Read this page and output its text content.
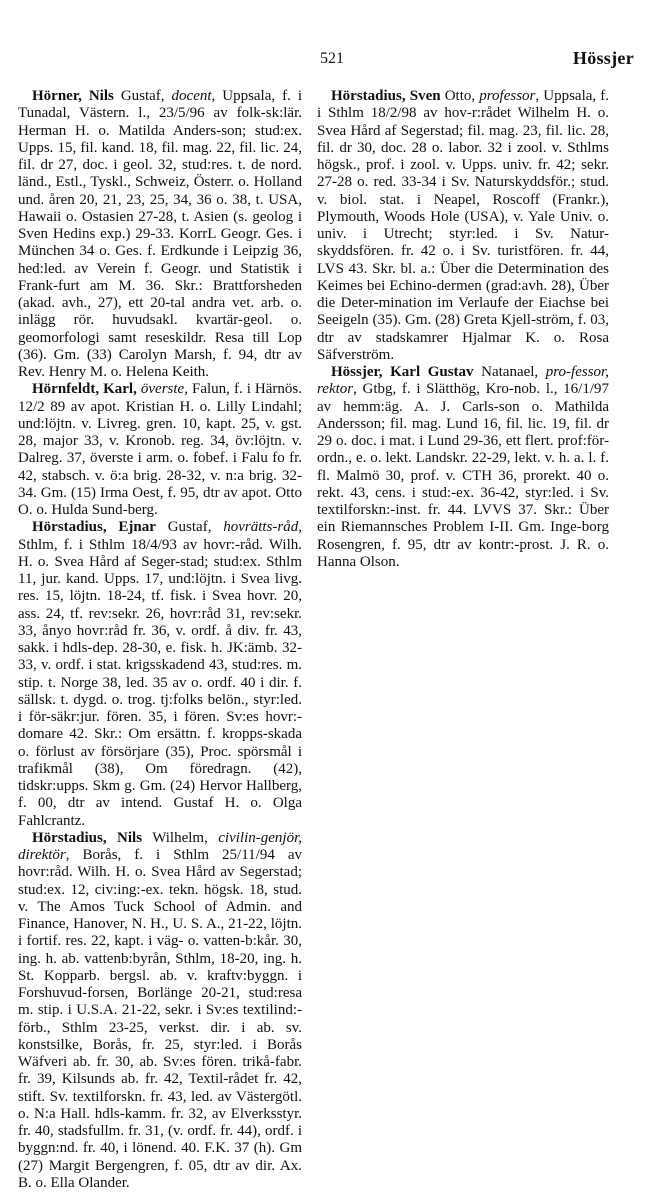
521	Hössjer

Hörner, Nils Gustaf, docent, Uppsala, f. i Tunadal, Västern. l., 23/5/96 av folk-sk:lär. Herman H. o. Matilda Anders-son; stud:ex. Upps. 15, fil. kand. 18, fil. mag. 22, fil. lic. 24, fil. dr 27, doc. i geol. 32, stud:res. t. de nord. länd., Estl., Tyskl., Schweiz, Österr. o. Holland und. åren 20, 21, 23, 25, 34, 36 o. 38, t. USA, Hawaii o. Ostasien 27-28, t. Asien (s. geolog i Sven Hedins exp.) 29-33. KorrL Geogr. Ges. i München 34 o. Ges. f. Erdkunde i Leipzig 36, hed:led. av Verein f. Geogr. und Statistik i Frank-furt am M. 36. Skr.: Brattforsheden (akad. avh., 27), ett 20-tal andra vet. arb. o. inlägg rör. huvudsakl. kvartär-geol. o. geomorfologi samt reseskildr. Resa till Lop (36). Gm. (33) Carolyn Marsh, f. 94, dtr av Rev. Henry M. o. Helena Keith.

Hörnfeldt, Karl, överste, Falun, f. i Härnös. 12/2 89 av apot. Kristian H. o. Lilly Lindahl; und:löjtn. v. Livreg. gren. 10, kapt. 25, v. gst. 28, major 33, v. Kronob. reg. 34, öv:löjtn. v. Dalreg. 37, överste i arm. o. fobef. i Falu fo fr. 42, stabsch. v. ö:a brig. 28-32, v. n:a brig. 32-34. Gm. (15) Irma Oest, f. 95, dtr av apot. Otto O. o. Hulda Sund-berg.

Hörstadius, Ejnar Gustaf, hovrätts-råd, Sthlm, f. i Sthlm 18/4/93 av hovr:-råd. Wilh. H. o. Svea Hård af Seger-stad; stud:ex. Sthlm 11, jur. kand. Upps. 17, und:löjtn. i Svea livg. res. 15, löjtn. 18-24, tf. fisk. i Svea hovr. 20, ass. 24, tf. rev:sekr. 26, hovr:råd 31, rev:sekr. 33, ånyo hovr:råd fr. 36, v. ordf. å div. fr. 43, sakk. i hdls-dep. 28-30, e. fisk. h. JK:ämb. 32-33, v. ordf. i stat. krigsskadend 43, stud:res. m. stip. t. Norge 38, led. 35 av o. ordf. 40 i dir. f. sällsk. t. dygd. o. trog. tj:folks belön., styr:led. i för-säkr:jur. fören. 35, i fören. Sv:es hovr:-domare 42. Skr.: Om ersättn. f. kropps-skada o. förlust av försörjare (35), Proc. spörsmål i trafikmål (38), Om föredragn. (42), tidskr:upps. Skm g. Gm. (24) Hervor Hallberg, f. 00, dtr av intend. Gustaf H. o. Olga Fahlcrantz.

Hörstadius, Nils Wilhelm, civilin-genjör, direktör, Borås, f. i Sthlm 25/11/94 av hovr:råd. Wilh. H. o. Svea Hård av Segerstad; stud:ex. 12, civ:ing:-ex. tekn. högsk. 18, stud. v. The Amos Tuck School of Admin. and Finance, Hanover, N. H., U. S. A., 21-22, löjtn. i fortif. res. 22, kapt. i väg- o. vatten-b:kår. 30, ing. h. ab. vattenb:byrån, Sthlm, 18-20, ing. h. St. Kopparb. bergsl. ab. v. kraftv:byggn. i Forshuvud-forsen, Borlänge 20-21, stud:resa m. stip. i U.S.A. 21-22, sekr. i Sv:es textilind:-förb., Sthlm 23-25, verkst. dir. i ab. sv. konstsilke, Borås, fr. 25, styr:led. i Borås Wäfveri ab. fr. 30, ab. Sv:es fören. trikå-fabr. fr. 39, Kilsunds ab. fr. 42, Textil-rådet fr. 42, stift. Sv. textilforskn. fr. 43, led. av Västergötl. o. N:a Hall. hdls-kamm. fr. 32, av Elverksstyr. fr. 40, stadsfullm. fr. 31, (v. ordf. fr. 44), ordf. i byggn:nd. fr. 40, i lönend. 40. F.K. 37 (h). Gm (27) Margit Bergengren, f. 05, dtr av dir. Ax. B. o. Ella Olander.

Hörstadius, Sven Otto, professor, Uppsala, f. i Sthlm 18/2/98 av hov-r:rådet Wilhelm H. o. Svea Hård af Segerstad; fil. mag. 23, fil. lic. 28, fil. dr 30, doc. 28 o. labor. 32 i zool. v. Sthlms högsk., prof. i zool. v. Upps. univ. fr. 42; sekr. 27-28 o. red. 33-34 i Sv. Naturskyddsför.; stud. v. biol. stat. i Neapel, Roscoff (Frankr.), Plymouth, Woods Hole (USA), v. Yale Univ. o. univ. i Utrecht; styr:led. i Sv. Natur-skyddsfören. fr. 42 o. i Sv. turistfören. fr. 44, LVS 43. Skr. bl. a.: Über die Determination des Keimes bei Echino-dermen (grad:avh. 28), Über die Deter-mination im Verlaufe der Eiachse bei Seeigeln (35). Gm. (28) Greta Kjell-ström, f. 03, dtr av stadskamrer Hjalmar K. o. Rosa Säfverström.

Hössjer, Karl Gustav Natanael, pro-fessor, rektor, Gtbg, f. i Slätthög, Kro-nob. l., 16/1/97 av hemm:äg. A. J. Carls-son o. Mathilda Andersson; fil. mag. Lund 16, fil. lic. 19, fil. dr 29 o. doc. i mat. i Lund 29-36, ett flert. prof:för-ordn., e. o. lekt. Landskr. 22-29, lekt. v. h. a. l. f. fl. Malmö 30, prof. v. CTH 36, prorekt. 40 o. rekt. 43, cens. i stud:-ex. 36-42, styr:led. i Sv. textilforskn:-inst. fr. 44. LVVS 37. Skr.: Über ein Riemannsches Problem I-II. Gm. Inge-borg Rosengren, f. 95, dtr av kontr:-prost. J. R. o. Hanna Olson.
